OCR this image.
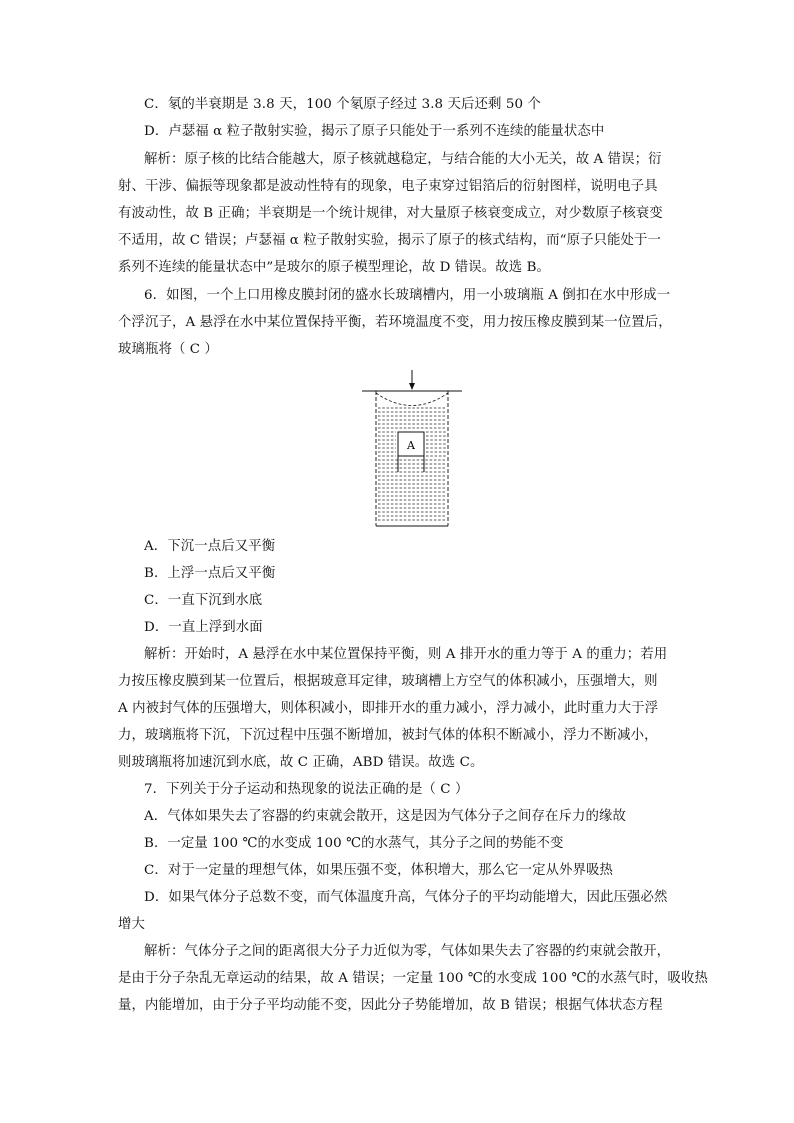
C．氡的半衰期是 3.8 天，100 个氡原子经过 3.8 天后还剩 50 个
D．卢瑟福 α 粒子散射实验，揭示了原子只能处于一系列不连续的能量状态中
解析：原子核的比结合能越大，原子核就越稳定，与结合能的大小无关，故 A 错误；衍
射、干涉、偏振等现象都是波动性特有的现象，电子束穿过铝箔后的衍射图样，说明电子具
有波动性，故 B 正确；半衰期是一个统计规律，对大量原子核衰变成立，对少数原子核衰变
不适用，故 C 错误；卢瑟福 α 粒子散射实验，揭示了原子的核式结构，而“原子只能处于一
系列不连续的能量状态中”是玻尔的原子模型理论，故 D 错误。故选 B。
6．如图，一个上口用橡皮膜封闭的盛水长玻璃槽内，用一小玻璃瓶 A 倒扣在水中形成一
个浮沉子，A 悬浮在水中某位置保持平衡，若环境温度不变，用力按压橡皮膜到某一位置后，
玻璃瓶将（ C ）
A
A．下沉一点后又平衡
B．上浮一点后又平衡
C．一直下沉到水底
D．一直上浮到水面
解析：开始时，A 悬浮在水中某位置保持平衡，则 A 排开水的重力等于 A 的重力；若用
力按压橡皮膜到某一位置后，根据玻意耳定律，玻璃槽上方空气的体积减小，压强增大，则
A 内被封气体的压强增大，则体积减小，即排开水的重力减小，浮力减小，此时重力大于浮
力，玻璃瓶将下沉，下沉过程中压强不断增加，被封气体的体积不断减小，浮力不断减小，
则玻璃瓶将加速沉到水底，故 C 正确，ABD 错误。故选 C。
7．下列关于分子运动和热现象的说法正确的是（ C ）
A．气体如果失去了容器的约束就会散开，这是因为气体分子之间存在斥力的缘故
B．一定量 100 ℃的水变成 100 ℃的水蒸气，其分子之间的势能不变
C．对于一定量的理想气体，如果压强不变，体积增大，那么它一定从外界吸热
D．如果气体分子总数不变，而气体温度升高，气体分子的平均动能增大，因此压强必然
增大
解析：气体分子之间的距离很大分子力近似为零，气体如果失去了容器的约束就会散开，
是由于分子杂乱无章运动的结果，故 A 错误；一定量 100 ℃的水变成 100 ℃的水蒸气时，吸收热
量，内能增加，由于分子平均动能不变，因此分子势能增加，故 B 错误；根据气体状态方程
